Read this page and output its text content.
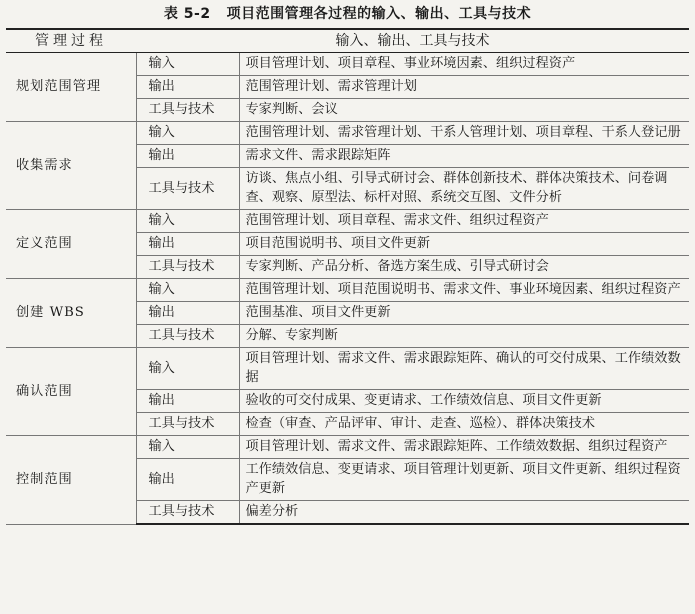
表 5-2 项目范围管理各过程的输入、输出、工具与技术
管理过程	输入、输出、工具与技术	
规划范围管理	输入	项目管理计划、项目章程、事业环境因素、组织过程资产
	输出	范围管理计划、需求管理计划
	工具与技术	专家判断、会议
收集需求	输入	范围管理计划、需求管理计划、干系人管理计划、项目章程、干系人登记册
	输出	需求文件、需求跟踪矩阵
	工具与技术	访谈、焦点小组、引导式研讨会、群体创新技术、群体决策技术、问卷调查、观察、原型法、标杆对照、系统交互图、文件分析
定义范围	输入	范围管理计划、项目章程、需求文件、组织过程资产
	输出	项目范围说明书、项目文件更新
	工具与技术	专家判断、产品分析、备选方案生成、引导式研讨会
创建 WBS	输入	范围管理计划、项目范围说明书、需求文件、事业环境因素、组织过程资产
	输出	范围基准、项目文件更新
	工具与技术	分解、专家判断
确认范围	输入	项目管理计划、需求文件、需求跟踪矩阵、确认的可交付成果、工作绩效数据
	输出	验收的可交付成果、变更请求、工作绩效信息、项目文件更新
	工具与技术	检查（审查、产品评审、审计、走查、巡检）、群体决策技术
控制范围	输入	项目管理计划、需求文件、需求跟踪矩阵、工作绩效数据、组织过程资产
	输出	工作绩效信息、变更请求、项目管理计划更新、项目文件更新、组织过程资产更新
	工具与技术	偏差分析
